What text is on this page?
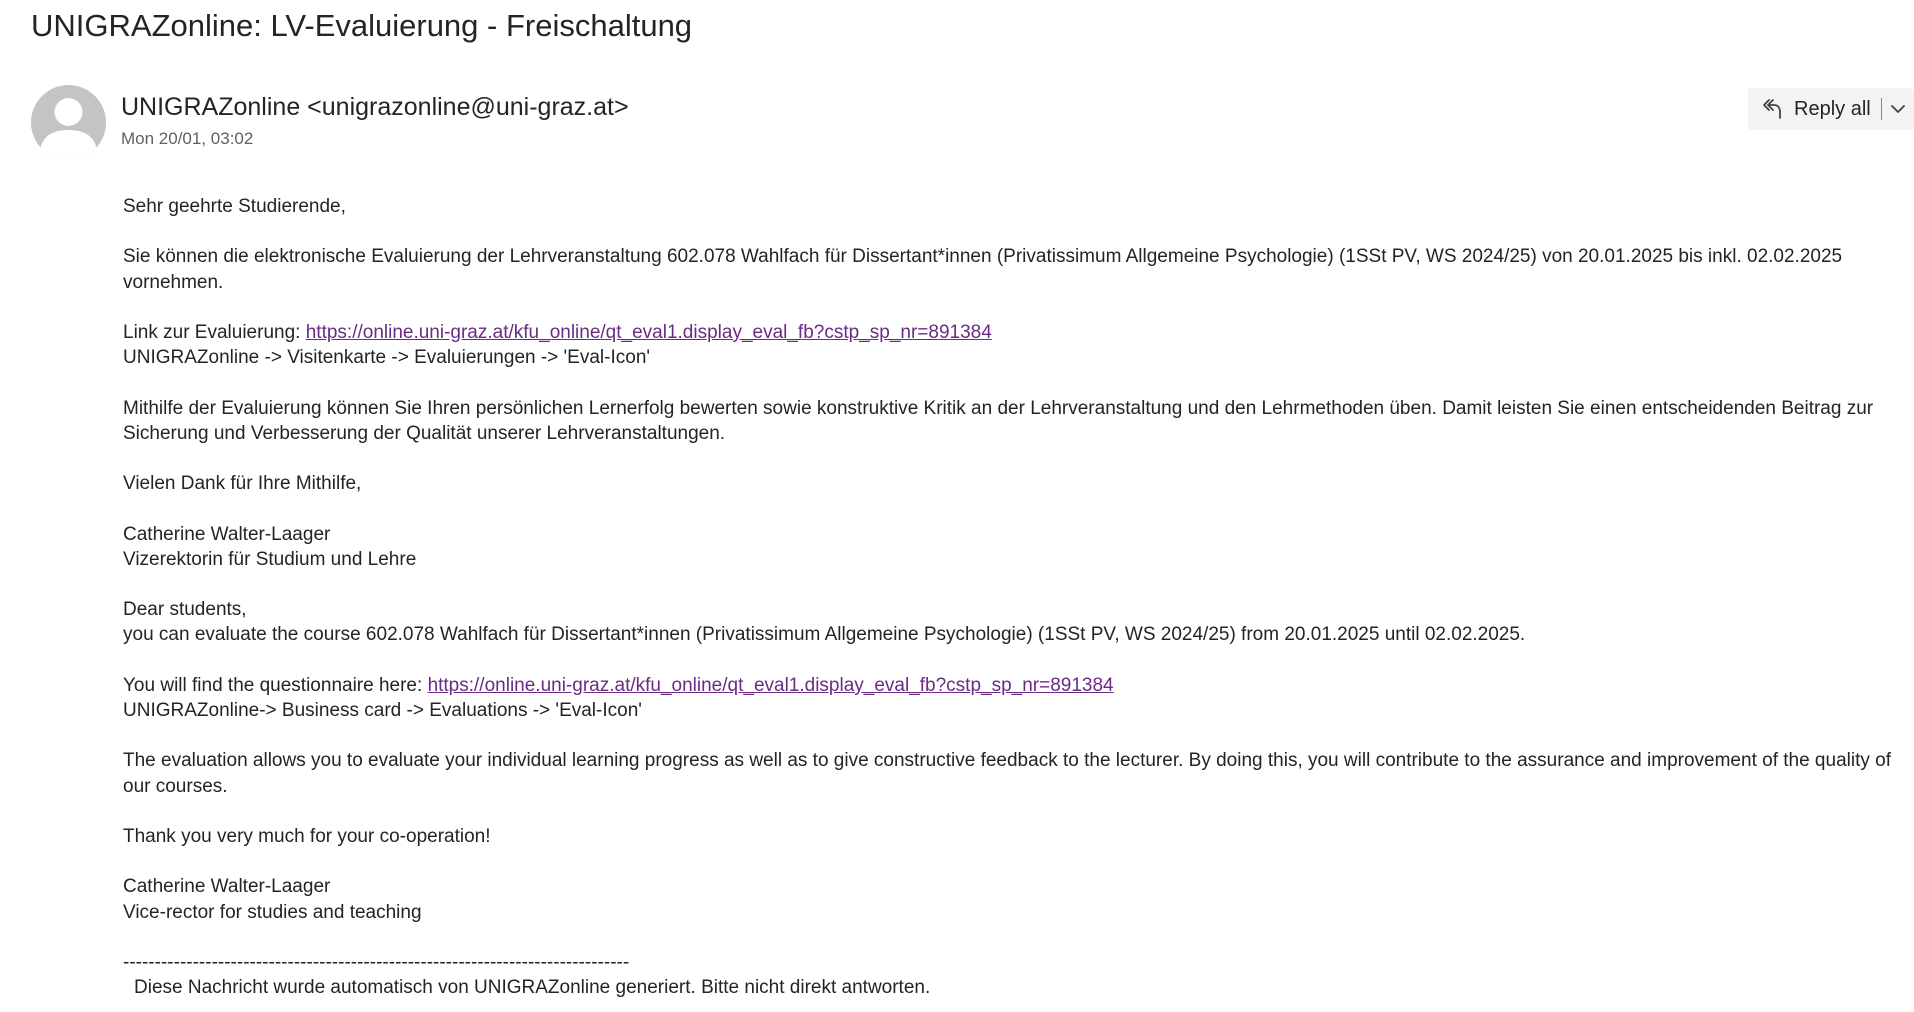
UNIGRAZonline: LV-Evaluierung - Freischaltung
UNIGRAZonline <unigrazonline@uni-graz.at>
Mon 20/01, 03:02
Reply all

Sehr geehrte Studierende,

Sie können die elektronische Evaluierung der Lehrveranstaltung 602.078 Wahlfach für Dissertant*innen (Privatissimum Allgemeine Psychologie) (1SSt PV, WS 2024/25) von 20.01.2025 bis inkl. 02.02.2025 vornehmen.

Link zur Evaluierung: https://online.uni-graz.at/kfu_online/qt_eval1.display_eval_fb?cstp_sp_nr=891384
UNIGRAZonline -> Visitenkarte -> Evaluierungen -> 'Eval-Icon'

Mithilfe der Evaluierung können Sie Ihren persönlichen Lernerfolg bewerten sowie konstruktive Kritik an der Lehrveranstaltung und den Lehrmethoden üben. Damit leisten Sie einen entscheidenden Beitrag zur Sicherung und Verbesserung der Qualität unserer Lehrveranstaltungen.

Vielen Dank für Ihre Mithilfe,

Catherine Walter-Laager
Vizerektorin für Studium und Lehre

Dear students,
you can evaluate the course 602.078 Wahlfach für Dissertant*innen (Privatissimum Allgemeine Psychologie) (1SSt PV, WS 2024/25) from 20.01.2025 until 02.02.2025.

You will find the questionnaire here: https://online.uni-graz.at/kfu_online/qt_eval1.display_eval_fb?cstp_sp_nr=891384
UNIGRAZonline-> Business card -> Evaluations -> 'Eval-Icon'

The evaluation allows you to evaluate your individual learning progress as well as to give constructive feedback to the lecturer. By doing this, you will contribute to the assurance and improvement of the quality of our courses.

Thank you very much for your co-operation!

Catherine Walter-Laager
Vice-rector for studies and teaching

--------------------------------------------------------------------------------
Diese Nachricht wurde automatisch von UNIGRAZonline generiert. Bitte nicht direkt antworten.
